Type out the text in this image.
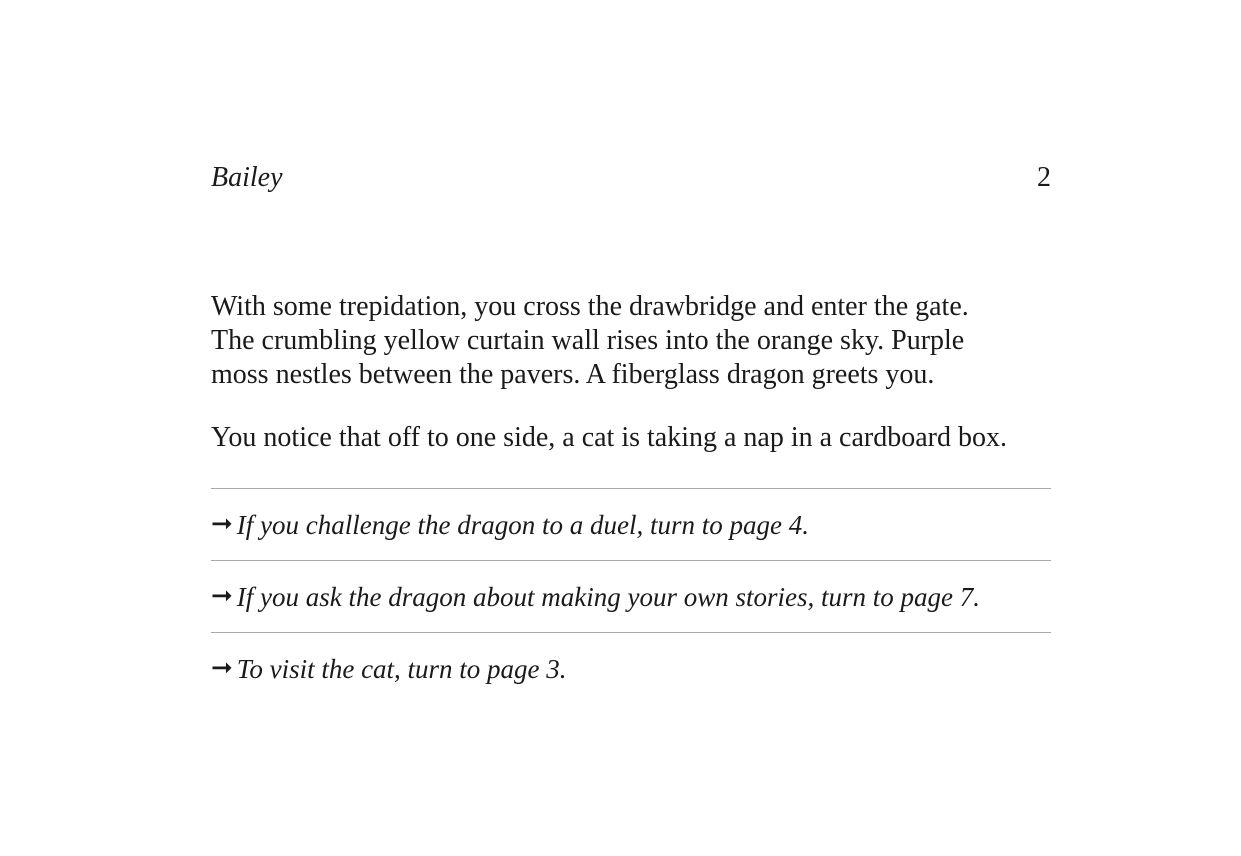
Bailey	2

With some trepidation, you cross the drawbridge and enter the gate. The crumbling yellow curtain wall rises into the orange sky. Purple moss nestles between the pavers. A fiberglass dragon greets you.

You notice that off to one side, a cat is taking a nap in a cardboard box.

➞ If you challenge the dragon to a duel, turn to page 4.
➞ If you ask the dragon about making your own stories, turn to page 7.
➞ To visit the cat, turn to page 3.
